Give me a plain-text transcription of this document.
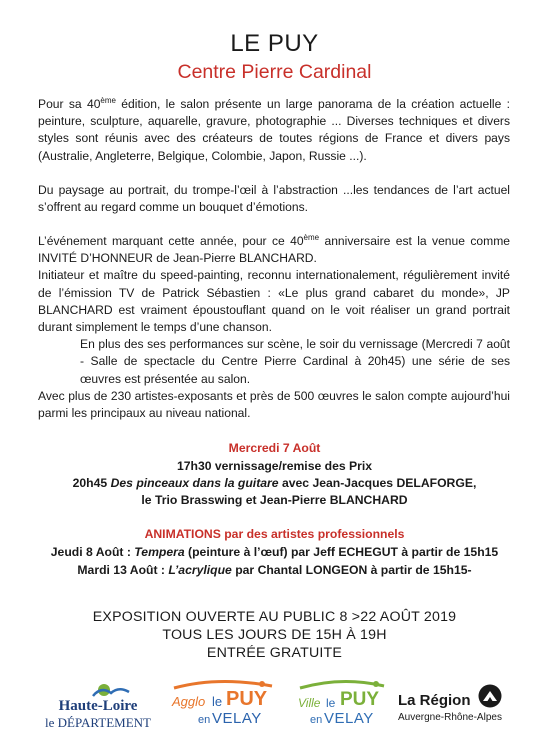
LE PUY
Centre Pierre Cardinal

Pour sa 40ème édition, le salon présente un large panorama de la création actuelle : peinture, sculpture, aquarelle, gravure, photographie ... Diverses techniques et divers styles sont réunis avec des créateurs de toutes régions de France et divers pays (Australie, Angleterre, Belgique, Colombie, Japon, Russie ...).

Du paysage au portrait, du trompe-l’œil à l’abstraction ...les tendances de l’art actuel s’offrent au regard comme un bouquet d’émotions.

L’événement marquant cette année, pour ce 40ème anniversaire est la venue comme INVITÉ D’HONNEUR de Jean-Pierre BLANCHARD.

Initiateur et maître du speed-painting, reconnu internationalement, régulièrement invité de l’émission TV de Patrick Sébastien : «Le plus grand cabaret du monde», JP BLANCHARD est vraiment époustouflant quand on le voit réaliser un grand portrait durant simplement le temps d’une chanson.

En plus des ses performances sur scène, le soir du vernissage (Mercredi 7 août - Salle de spectacle du Centre Pierre Cardinal à 20h45) une série de ses œuvres est présentée au salon.

Avec plus de 230 artistes-exposants et près de 500 œuvres le salon compte aujourd’hui parmi les principaux au niveau national.

Mercredi 7 Août
17h30 vernissage/remise des Prix
20h45 Des pinceaux dans la guitare avec Jean-Jacques DELAFORGE,
le Trio Brasswing et Jean-Pierre BLANCHARD
ANIMATIONS par des artistes professionnels
Jeudi 8 Août : Tempera (peinture à l’œuf) par Jeff ECHEGUT à partir de 15h15
Mardi 13 Août : L’acrylique par Chantal LONGEON à partir de 15h15-
EXPOSITION OUVERTE AU PUBLIC 8 >22 AOÛT 2019
TOUS LES JOURS DE 15H À 19H
ENTRÉE GRATUITE
Haute-Loire
le DÉPARTEMENT
Agglo le PUY
en VELAY
Ville le PUY
en VELAY
La Région
Auvergne-Rhône-Alpes
